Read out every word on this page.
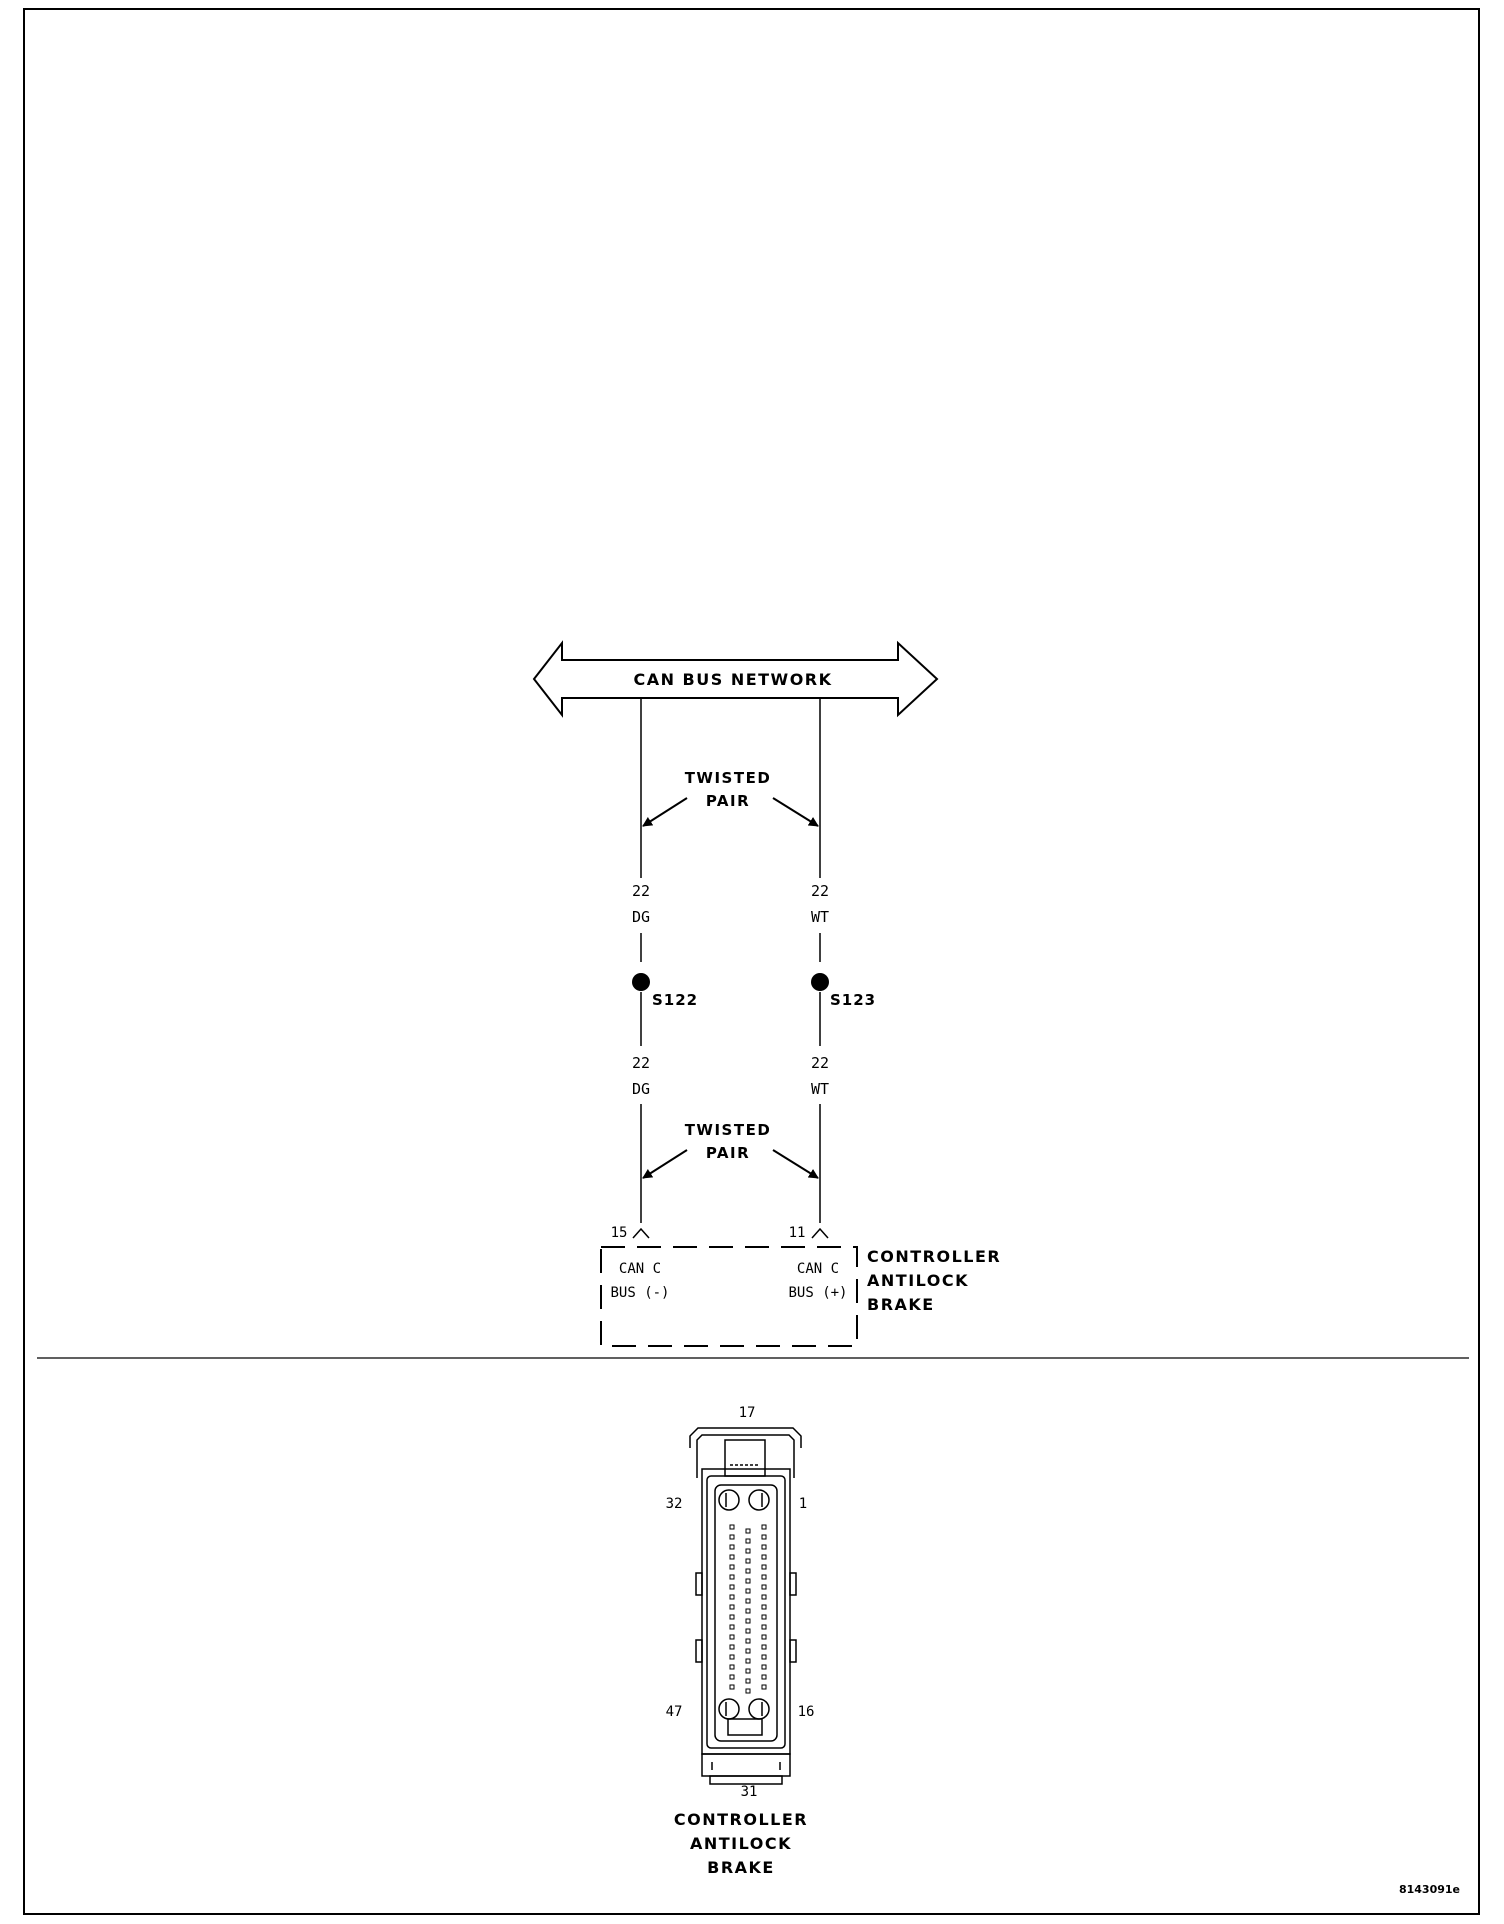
CAN BUS NETWORK
TWISTED
PAIR
22
DG
22
WT
S122	S123
22
DG
22
WT
TWISTED
PAIR
15	11
CAN C
BUS (-)
CAN C
BUS (+)
CONTROLLER
ANTILOCK
BRAKE
17
32	1
47	16
31
CONTROLLER
ANTILOCK
BRAKE
8143091e
